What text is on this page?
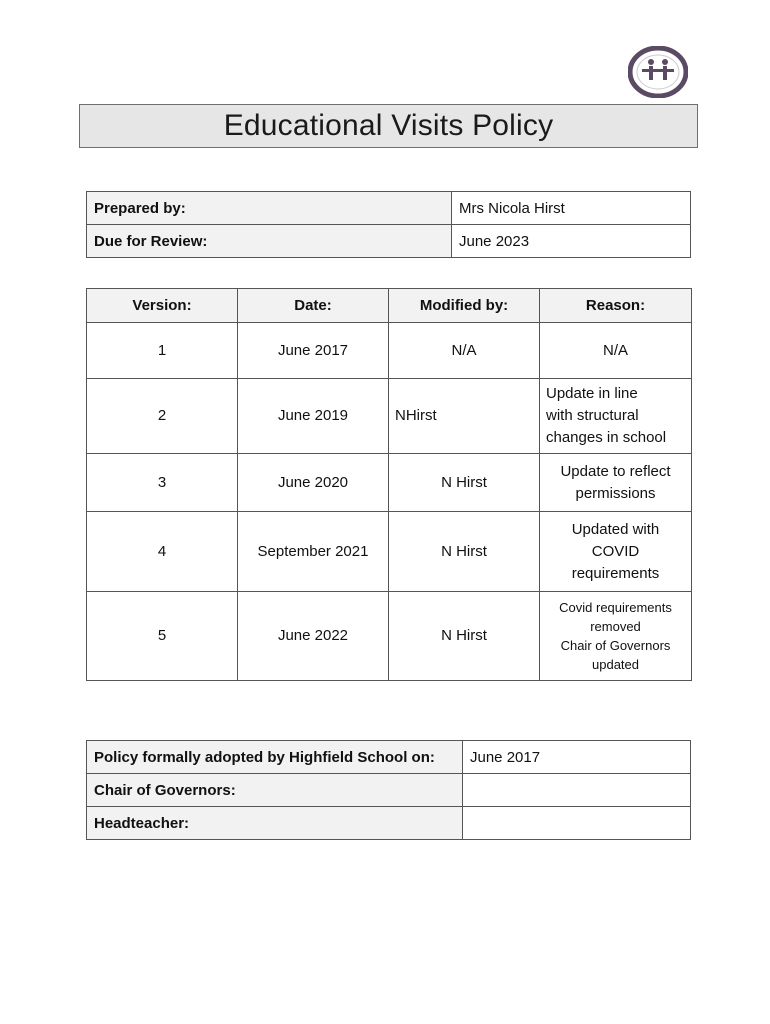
Educational Visits Policy
Prepared by:	Mrs Nicola Hirst
Due for Review:	June 2023
Version:	Date:	Modified by:	Reason:
1	June 2017	N/A	N/A

2	June 2019	NHirst	Update in line
with structural
changes in school

3	June 2020	N Hirst	Update to reflect
permissions

4	September 2021	N Hirst	Updated with
COVID
requirements

5	June 2022	N Hirst	Covid requirements
removed
Chair of Governors
updated
Policy formally adopted by Highfield School on:	June 2017
Chair of Governors:	
Headteacher:	
